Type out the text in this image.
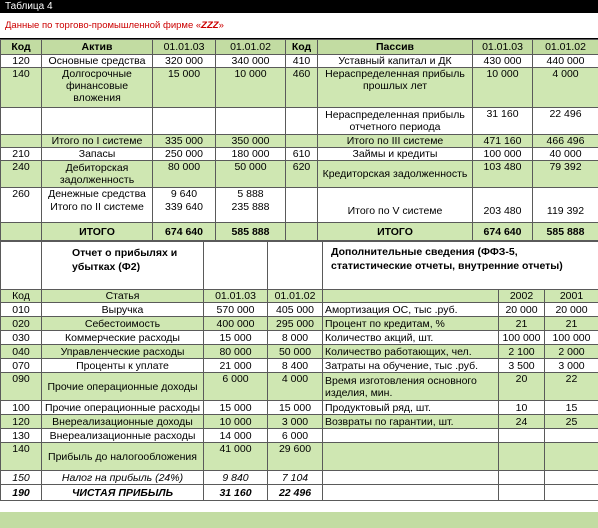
Таблица 4
Данные по торгово-промышленной фирме «ZZZ»
Код	Актив	01.01.03	01.01.02	Код	Пассив	01.01.03	01.01.02
120	Основные средства	320 000	340 000	410	Уставный капитал и ДК	430 000	440 000
140	Долгосрочные финансовые вложения	15 000	10 000	460	Нераспределенная прибыль прошлых лет	10 000	4 000
					Нераспределенная прибыль отчетного периода	31 160	22 496
	Итого по I системе	335 000	350 000		Итого по III системе	471 160	466 496
210	Запасы	250 000	180 000	610	Займы и кредиты	100 000	40 000
240	Дебиторская задолженность	80 000	50 000	620	Кредиторская задолженность	103 480	79 392
260	Денежные средства	9 640	5 888				
	Итого по II системе	339 640	235 888		Итого по V системе	203 480	119 392
	ИТОГО	674 640	585 888		ИТОГО	674 640	585 888
	Отчет о прибылях и убытках (Ф2)			Дополнительные сведения (ФФЗ-5, статистические отчеты, внутренние отчеты)		
Код	Статья	01.01.03	01.01.02		2002	2001
010	Выручка	570 000	405 000	Амортизация ОС, тыс .руб.	20 000	20 000
020	Себестоимость	400 000	295 000	Процент по кредитам, %	21	21
030	Коммерческие расходы	15 000	8 000	Количество акций, шт.	100 000	100 000
040	Управленческие расходы	80 000	50 000	Количество работающих, чел.	2 100	2 000
070	Проценты к уплате	21 000	8 400	Затраты на обучение, тыс .руб.	3 500	3 000
090	Прочие операционные доходы	6 000	4 000	Время изготовления основного изделия, мин.	20	22
100	Прочие операционные расходы	15 000	15 000	Продуктовый ряд, шт.	10	15
120	Внереализационные доходы	10 000	3 000	Возвраты по гарантии, шт.	24	25
130	Внереализационные расходы	14 000	6 000			
140	Прибыль до налогообложения	41 000	29 600			
150	Налог на прибыль (24%)	9 840	7 104			
190	ЧИСТАЯ ПРИБЫЛЬ	31 160	22 496			
